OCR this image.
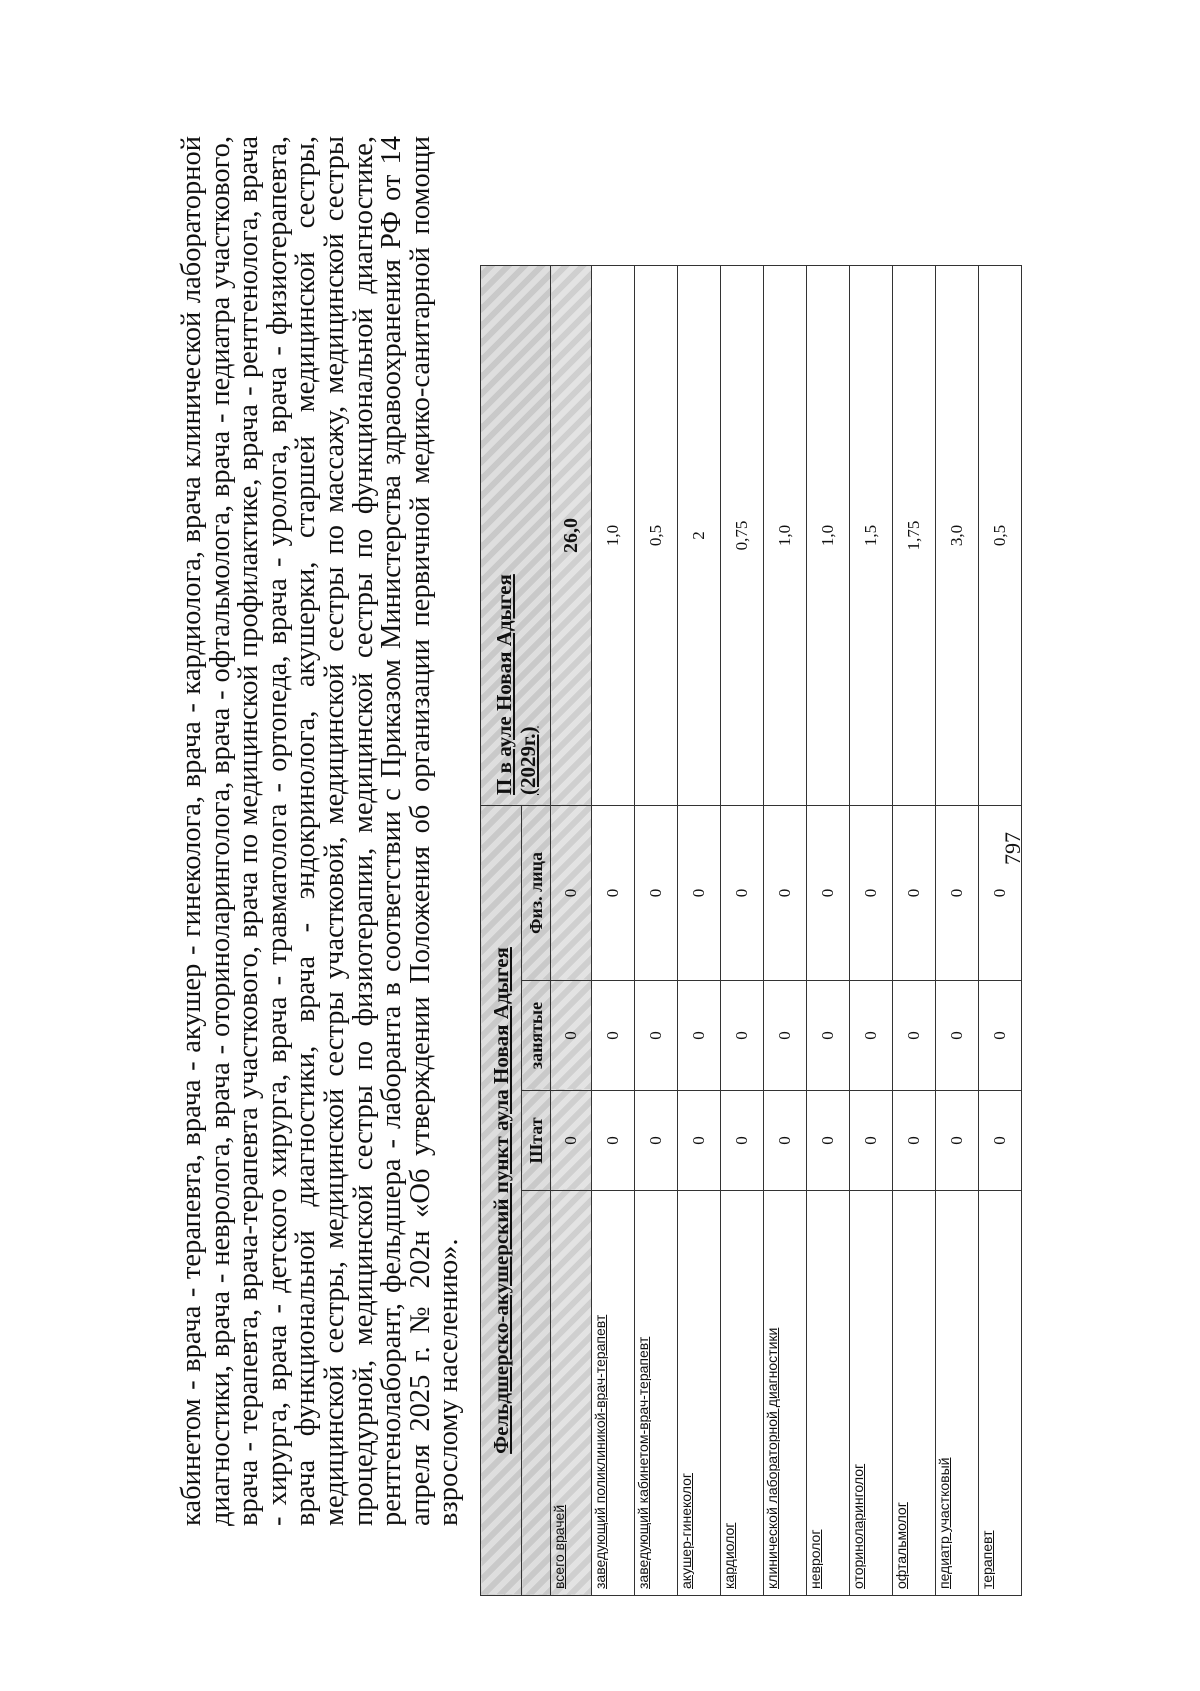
кабинетом - врача - терапевта, врача - акушер - гинеколога, врача - кардиолога, врача клинической лабораторной диагностики, врача - невролога, врача - оториноларинголога, врача - офтальмолога, врача - педиатра участкового, врача - терапевта, врача-терапевта участкового, врача по медицинской профилактике, врача - рентгенолога, врача - хирурга, врача - детского хирурга, врача - травматолога - ортопеда, врача - уролога, врача - физиотерапевта, врача функциональной диагностики, врача - эндокринолога, акушерки, старшей медицинской сестры, медицинской сестры, медицинской сестры участковой, медицинской сестры по массажу, медицинской сестры процедурной, медицинской сестры по физиотерапии, медицинской сестры по функциональной диагностике, рентгенолаборант, фельдшера - лаборанта в соответствии с Приказом Министерства здравоохранения РФ от 14 апреля 2025 г. № 202н «Об утверждении Положения об организации первичной медико-санитарной помощи взрослому населению». Фельдшерско-акушерский пункт аула Новая Адыгея				П в ауле Новая Адыгея
(2029г.)
	Штат	занятые	Физ. лица	
всего врачей	0	0	0	26,0
заведующий поликлиникой-врач-терапевт	0	0	0	1,0
заведующий кабинетом-врач-терапевт	0	0	0	0,5
акушер-гинеколог	0	0	0	2
кардиолог	0	0	0	0,75
клинической лабораторной диагностики	0	0	0	1,0
невролог	0	0	0	1,0
оториноларинголог	0	0	0	1,5
офтальмолог	0	0	0	1,75
педиатр участковый	0	0	0	3,0
терапевт	0	0	0	0,5
797
